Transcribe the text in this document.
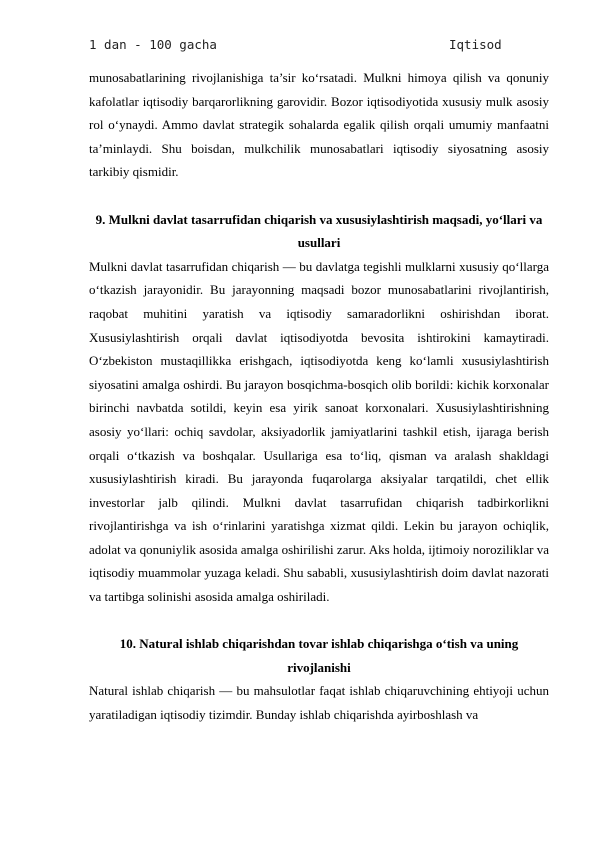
1 dan - 100 gacha	Iqtisod

munosabatlarining rivojlanishiga ta’sir ko‘rsatadi. Mulkni himoya qilish va qonuniy kafolatlar iqtisodiy barqarorlikning garovidir. Bozor iqtisodiyotida xususiy mulk asosiy rol o‘ynaydi. Ammo davlat strategik sohalarda egalik qilish orqali umumiy manfaatni ta’minlaydi. Shu boisdan, mulkchilik munosabatlari iqtisodiy siyosatning asosiy tarkibiy qismidir.

9. Mulkni davlat tasarrufidan chiqarish va xususiylashtirish maqsadi, yo‘llari va usullari

Mulkni davlat tasarrufidan chiqarish — bu davlatga tegishli mulklarni xususiy qo‘llarga o‘tkazish jarayonidir. Bu jarayonning maqsadi bozor munosabatlarini rivojlantirish, raqobat muhitini yaratish va iqtisodiy samaradorlikni oshirishdan iborat. Xususiylashtirish orqali davlat iqtisodiyotda bevosita ishtirokini kamaytiradi. O‘zbekiston mustaqillikka erishgach, iqtisodiyotda keng ko‘lamli xususiylashtirish siyosatini amalga oshirdi. Bu jarayon bosqichma-bosqich olib borildi: kichik korxonalar birinchi navbatda sotildi, keyin esa yirik sanoat korxonalari. Xususiylashtirishning asosiy yo‘llari: ochiq savdolar, aksiyadorlik jamiyatlarini tashkil etish, ijaraga berish orqali o‘tkazish va boshqalar. Usullariga esa to‘liq, qisman va aralash shakldagi xususiylashtirish kiradi. Bu jarayonda fuqarolarga aksiyalar tarqatildi, chet ellik investorlar jalb qilindi. Mulkni davlat tasarrufidan chiqarish tadbirkorlikni rivojlantirishga va ish o‘rinlarini yaratishga xizmat qildi. Lekin bu jarayon ochiqlik, adolat va qonuniylik asosida amalga oshirilishi zarur. Aks holda, ijtimoiy noroziliklar va iqtisodiy muammolar yuzaga keladi. Shu sababli, xususiylashtirish doim davlat nazorati va tartibga solinishi asosida amalga oshiriladi.

10. Natural ishlab chiqarishdan tovar ishlab chiqarishga o‘tish va uning rivojlanishi

Natural ishlab chiqarish — bu mahsulotlar faqat ishlab chiqaruvchining ehtiyoji uchun yaratiladigan iqtisodiy tizimdir. Bunday ishlab chiqarishda ayirboshlash va
